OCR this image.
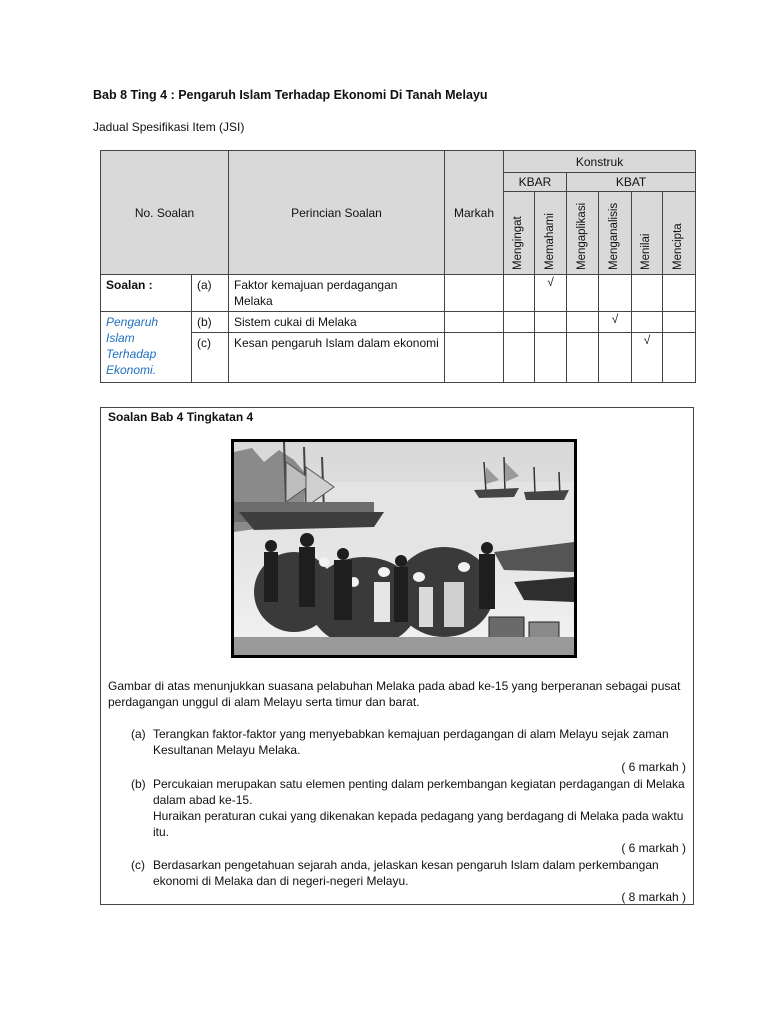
Bab 8 Ting 4 : Pengaruh Islam Terhadap Ekonomi Di Tanah Melayu
Jadual Spesifikasi Item (JSI)
No. Soalan		Perincian Soalan	Markah	Konstruk					
				KBAR		KBAT			

				Mengingat	Memahami	Mengaplikasi	Menganalisis	Menilai	Mencipta

Soalan :	(a)	Faktor kemajuan perdagangan Melaka			√				
Pengaruh Islam Terhadap Ekonomi.	(b)	Sistem cukai di Melaka					√		
	(c)	Kesan pengaruh Islam dalam ekonomi						√	
Soalan Bab 4 Tingkatan 4
Gambar di atas menunjukkan suasana pelabuhan Melaka pada abad ke-15 yang berperanan sebagai pusat perdagangan unggul di alam Melayu serta timur dan barat.
(a) Terangkan faktor-faktor yang menyebabkan kemajuan perdagangan di alam Melayu sejak zaman Kesultanan Melayu Melaka.
( 6 markah )
(b) Percukaian merupakan satu elemen penting dalam perkembangan kegiatan perdagangan di Melaka dalam abad ke-15.
Huraikan peraturan cukai yang dikenakan kepada pedagang yang berdagang di Melaka pada waktu itu.
( 6 markah )
(c) Berdasarkan pengetahuan sejarah anda, jelaskan kesan pengaruh Islam dalam perkembangan ekonomi di Melaka dan di negeri-negeri Melayu.
( 8 markah )
